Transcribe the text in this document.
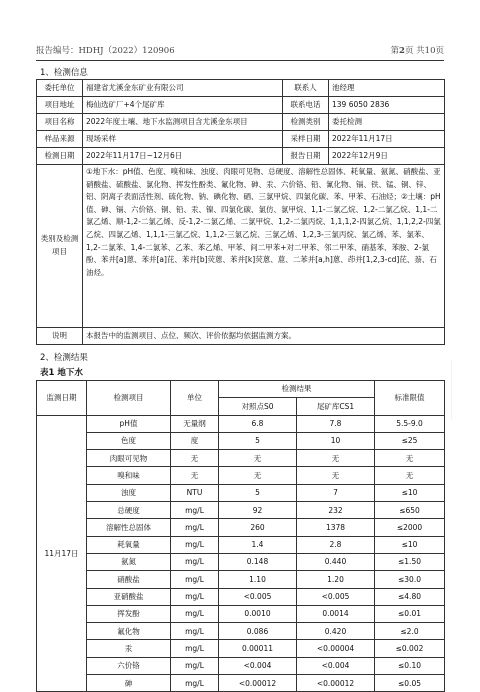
报告编号：HDHJ（2022）120906	第2页 共10页
1、检测信息
委托单位	福建省尤溪金东矿业有限公司	联系人	池经理
项目地址	梅仙选矿厂+4个尾矿库	联系电话	139 6050 2836
项目名称	2022年度土壤、地下水监测项目含尤溪金东项目	检测类别	委托检测
样品来源	现场采样	采样日期	2022年11月17日
检测日期	2022年11月17日~12月6日	报告日期	2022年12月9日
类别及检测项目	①地下水：pH值、色度、嗅和味、浊度、肉眼可见物、总硬度、溶解性总固体、耗氧量、氨氮、硝酸盐、亚硝酸盐、硫酸盐、氯化物、挥发性酚类、氟化物、砷、汞、六价铬、铅、氰化物、镉、铁、锰、铜、锌、铝、阴离子表面活性剂、硫化物、钠、碘化物、硒、三氯甲烷、四氯化碳、苯、甲苯、石油烃；②土壤：pH值、砷、镉、六价铬、铜、铅、汞、镍、四氯化碳、氯仿、氯甲烷、1,1-二氯乙烷、1,2-二氯乙烷、1,1-二氯乙烯、顺-1,2-二氯乙烯、反-1,2-二氯乙烯、二氯甲烷、1,2-二氯丙烷、1,1,1,2-四氯乙烷、1,1,2,2-四氯乙烷、四氯乙烯、1,1,1-三氯乙烷、1,1,2-三氯乙烷、三氯乙烯、1,2,3-三氯丙烷、氯乙烯、苯、氯苯、1,2-二氯苯、1,4-二氯苯、乙苯、苯乙烯、甲苯、间二甲苯+对二甲苯、邻二甲苯、硝基苯、苯胺、2-氯酚、苯并[a]蒽、苯并[a]芘、苯并[b]荧蒽、苯并[k]荧蒽、䓛、二苯并[a,h]蒽、茚并[1,2,3-cd]芘、萘、石油烃。		
说明	本报告中的监测项目、点位、频次、评价依据均依据监测方案。		
2、检测结果
表1 地下水
监测日期	检测项目	单位	检测结果		标准限值
			对照点S0	尾矿库CS1	
11月17日	pH值	无量纲	6.8	7.8	5.5-9.0
	色度	度	5	10	≤25
	肉眼可见物	无	无	无	无
	嗅和味	无	无	无	无
	浊度	NTU	5	7	≤10
	总硬度	mg/L	92	232	≤650
	溶解性总固体	mg/L	260	1378	≤2000
	耗氧量	mg/L	1.4	2.8	≤10
	氨氮	mg/L	0.148	0.440	≤1.50
	硝酸盐	mg/L	1.10	1.20	≤30.0
	亚硝酸盐	mg/L	<0.005	<0.005	≤4.80
	挥发酚	mg/L	0.0010	0.0014	≤0.01
	氟化物	mg/L	0.086	0.420	≤2.0
	汞	mg/L	0.00011	<0.00004	≤0.002
	六价铬	mg/L	<0.004	<0.004	≤0.10
	砷	mg/L	<0.00012	<0.00012	≤0.05
